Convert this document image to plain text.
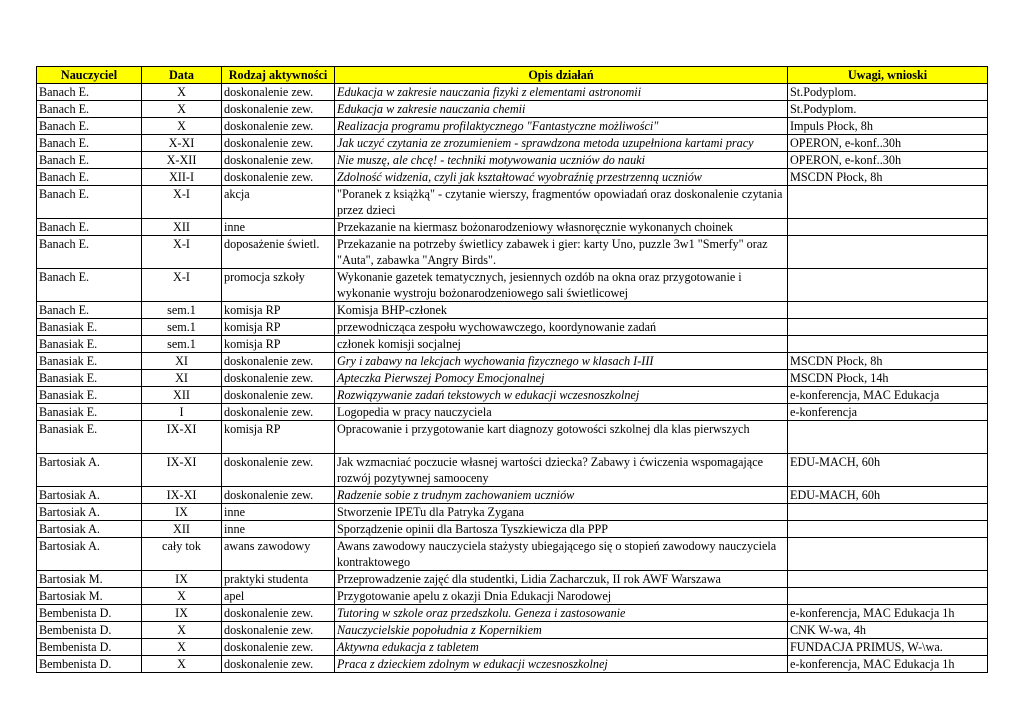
Nauczyciel	Data	Rodzaj aktywności	Opis działań	Uwagi, wnioski
Banach E.	X	doskonalenie zew.	Edukacja w zakresie nauczania fizyki z elementami astronomii	St.Podyplom.
Banach E.	X	doskonalenie zew.	Edukacja w zakresie nauczania chemii	St.Podyplom.
Banach E.	X	doskonalenie zew.	Realizacja programu profilaktycznego "Fantastyczne możliwości"	Impuls Płock, 8h
Banach E.	X-XI	doskonalenie zew.	Jak uczyć czytania ze zrozumieniem - sprawdzona metoda uzupełniona kartami pracy	OPERON, e-konf..30h
Banach E.	X-XII	doskonalenie zew.	Nie muszę, ale chcę! - techniki motywowania uczniów do nauki	OPERON, e-konf..30h
Banach E.	XII-I	doskonalenie zew.	Zdolność widzenia, czyli jak kształtować wyobraźnię przestrzenną uczniów	MSCDN Płock, 8h
Banach E.	X-I	akcja	"Poranek z książką" - czytanie wierszy, fragmentów opowiadań oraz doskonalenie czytania przez dzieci	
Banach E.	XII	inne	Przekazanie na kiermasz bożonarodzeniowy własnoręcznie wykonanych choinek	
Banach E.	X-I	doposażenie świetl.	Przekazanie na potrzeby świetlicy zabawek i gier: karty Uno, puzzle 3w1 "Smerfy" oraz "Auta", zabawka "Angry Birds".	
Banach E.	X-I	promocja szkoły	Wykonanie gazetek tematycznych, jesiennych ozdób na okna oraz przygotowanie i wykonanie wystroju bożonarodzeniowego sali świetlicowej	
Banach E.	sem.1	komisja RP	Komisja BHP-członek	
Banasiak E.	sem.1	komisja RP	przewodnicząca zespołu wychowawczego, koordynowanie zadań	
Banasiak E.	sem.1	komisja RP	członek komisji socjalnej	
Banasiak E.	XI	doskonalenie zew.	Gry i zabawy na lekcjach wychowania fizycznego w klasach I-III	MSCDN Płock, 8h
Banasiak E.	XI	doskonalenie zew.	Apteczka Pierwszej Pomocy Emocjonalnej	MSCDN Płock, 14h
Banasiak E.	XII	doskonalenie zew.	Rozwiązywanie zadań tekstowych w edukacji wczesnoszkolnej	e-konferencja, MAC Edukacja
Banasiak E.	I	doskonalenie zew.	Logopedia w pracy nauczyciela	e-konferencja
Banasiak E.	IX-XI	komisja RP	Opracowanie i przygotowanie kart diagnozy gotowości szkolnej dla klas pierwszych	
Bartosiak A.	IX-XI	doskonalenie zew.	Jak wzmacniać poczucie własnej wartości dziecka? Zabawy i ćwiczenia wspomagające rozwój pozytywnej samooceny	EDU-MACH, 60h
Bartosiak A.	IX-XI	doskonalenie zew.	Radzenie sobie z trudnym zachowaniem uczniów	EDU-MACH, 60h
Bartosiak A.	IX	inne	Stworzenie IPETu dla Patryka Zygana	
Bartosiak A.	XII	inne	Sporządzenie opinii dla Bartosza Tyszkiewicza dla PPP	
Bartosiak A.	cały tok	awans zawodowy	Awans zawodowy nauczyciela stażysty ubiegającego się o stopień zawodowy nauczyciela kontraktowego	
Bartosiak M.	IX	praktyki studenta	Przeprowadzenie zajęć dla studentki, Lidia Zacharczuk, II rok AWF Warszawa	
Bartosiak M.	X	apel	Przygotowanie apelu z okazji Dnia Edukacji Narodowej	
Bembenista D.	IX	doskonalenie zew.	Tutoring w szkole oraz przedszkolu. Geneza i zastosowanie	e-konferencja, MAC Edukacja 1h
Bembenista D.	X	doskonalenie zew.	Nauczycielskie popołudnia z Kopernikiem	CNK W-wa, 4h
Bembenista D.	X	doskonalenie zew.	Aktywna edukacja z tabletem	FUNDACJA PRIMUS, W-\wa.
Bembenista D.	X	doskonalenie zew.	Praca z dzieckiem zdolnym w edukacji wczesnoszkolnej	e-konferencja, MAC Edukacja 1h
